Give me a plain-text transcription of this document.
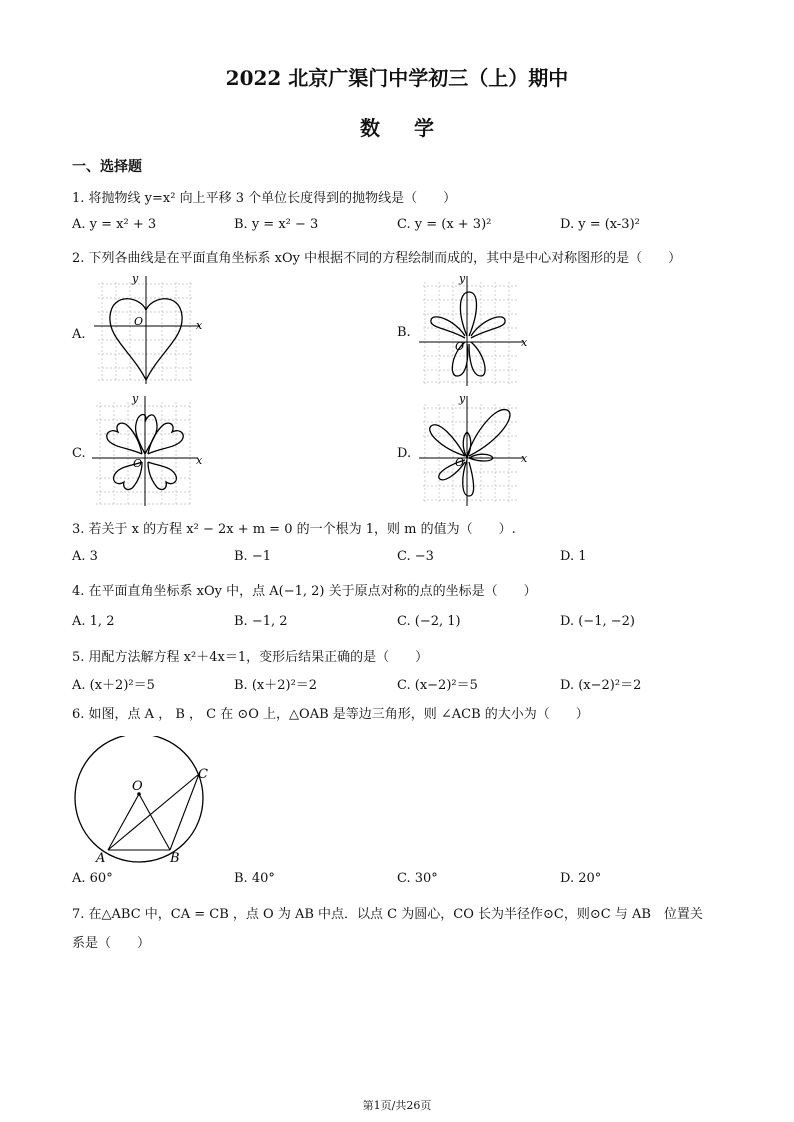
2022 北京广渠门中学初三（上）期中
数学
一、选择题
1. 将抛物线 y=x² 向上平移 3 个单位长度得到的抛物线是（　　）
A. y = x² + 3	B. y = x² − 3	C. y = (x + 3)²	D. y = (x-3)²
2. 下列各曲线是在平面直角坐标系 xOy 中根据不同的方程绘制而成的，其中是中心对称图形的是（　　）
A.	B.
C.	D.
O	x
y
O	x
y
O	x
y
O	x
y
3. 若关于 x 的方程 x² − 2x + m = 0 的一个根为 1，则 m 的值为（　　）.
A. 3	B. −1	C. −3	D. 1
4. 在平面直角坐标系 xOy 中，点 A(−1, 2) 关于原点对称的点的坐标是（　　）
A. 1, 2	B. −1, 2	C. (−2, 1)	D. (−1, −2)
5. 用配方法解方程 x²＋4x＝1，变形后结果正确的是（　　）
A. (x＋2)²＝5	B. (x＋2)²＝2	C. (x−2)²＝5	D. (x−2)²＝2
6. 如图，点 A ， B ， C 在 ⊙O 上，△OAB 是等边三角形，则 ∠ACB 的大小为（　　）
O
A	B
C
A. 60°	B. 40°	C. 30°	D. 20°
7. 在△ABC 中，CA = CB ，点 O 为 AB 中点．以点 C 为圆心，CO 长为半径作⊙C，则⊙C 与 AB　位置关
系是（　　）
第1页/共26页
